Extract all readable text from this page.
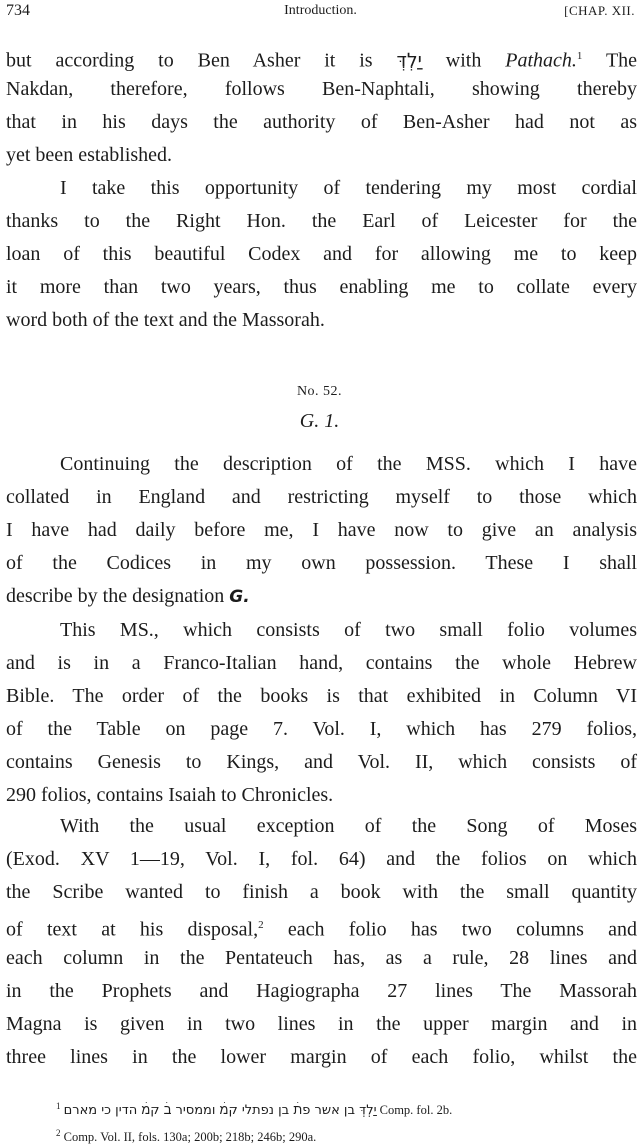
734	Introduction.	[CHAP. XII.
but according to Ben Asher it is יַלְדְּ with Pathach.$^1$ The
Nakdan, therefore, follows Ben-Naphtali, showing thereby
that in his days the authority of Ben-Asher had not as
yet been established.
I take this opportunity of tendering my most cordial
thanks to the Right Hon. the Earl of Leicester for the
loan of this beautiful Codex and for allowing me to keep
it more than two years, thus enabling me to collate every
word both of the text and the Massorah.
No. 52.
G. 1.
Continuing the description of the MSS. which I have
collated in England and restricting myself to those which
I have had daily before me, I have now to give an analysis
of the Codices in my own possession. These I shall
describe by the designation G.
This MS., which consists of two small folio volumes
and is in a Franco-Italian hand, contains the whole Hebrew
Bible. The order of the books is that exhibited in Column VI
of the Table on page 7. Vol. I, which has 279 folios,
contains Genesis to Kings, and Vol. II, which consists of
290 folios, contains Isaiah to Chronicles.
With the usual exception of the Song of Moses
(Exod. XV 1—19, Vol. I, fol. 64) and the folios on which
the Scribe wanted to finish a book with the small quantity
of text at his disposal,$^2$ each folio has two columns and
each column in the Pentateuch has, as a rule, 28 lines and
in the Prophets and Hagiographa 27 lines The Massorah
Magna is given in two lines in the upper margin and in
three lines in the lower margin of each folio, whilst the
$^1$ יַלְדְּ בן אשר פתׄ בן נפתלי קמׄ וממסיר בׄ קמׄ הדין כי מארם Comp. fol. 2b.
$^2$ Comp. Vol. II, fols. 130a; 200b; 218b; 246b; 290a.
